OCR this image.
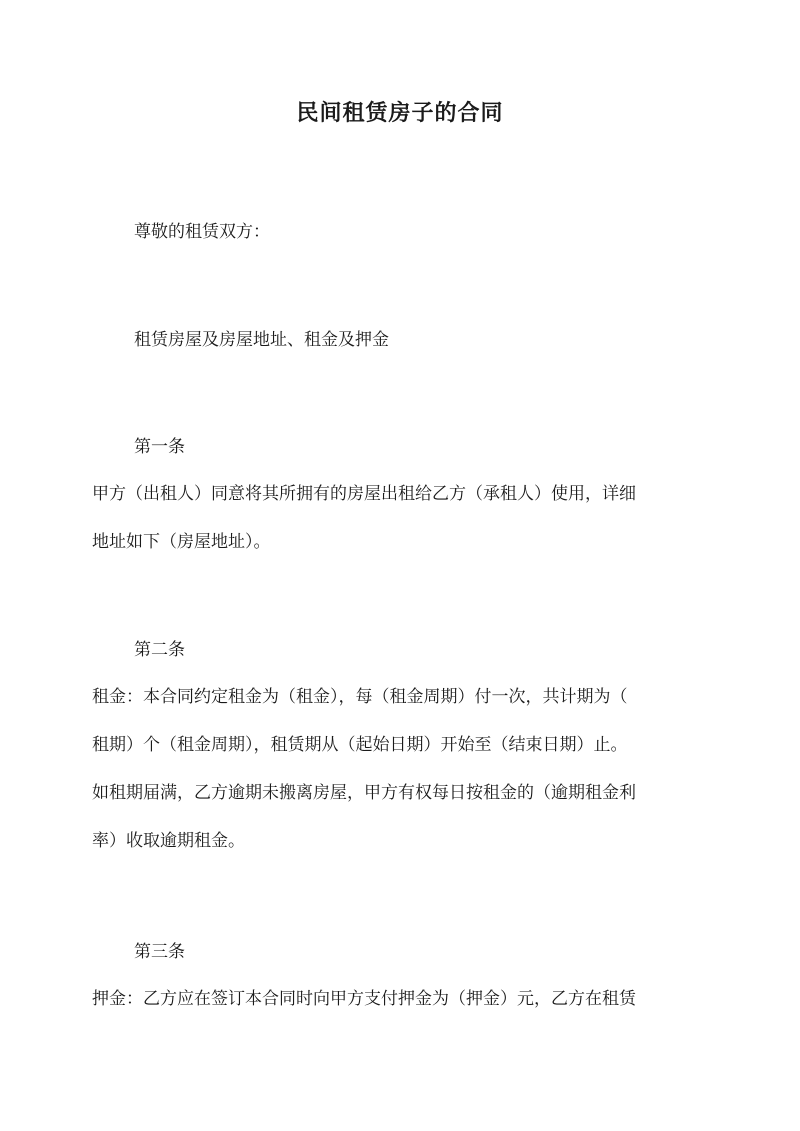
民间租赁房子的合同
尊敬的租赁双方：
租赁房屋及房屋地址、租金及押金
第一条
甲方（出租人）同意将其所拥有的房屋出租给乙方（承租人）使用，详细
地址如下（房屋地址）。
第二条
租金：本合同约定租金为（租金），每（租金周期）付一次，共计期为（
租期）个（租金周期），租赁期从（起始日期）开始至（结束日期）止。
如租期届满，乙方逾期未搬离房屋，甲方有权每日按租金的（逾期租金利
率）收取逾期租金。
第三条
押金：乙方应在签订本合同时向甲方支付押金为（押金）元，乙方在租赁
